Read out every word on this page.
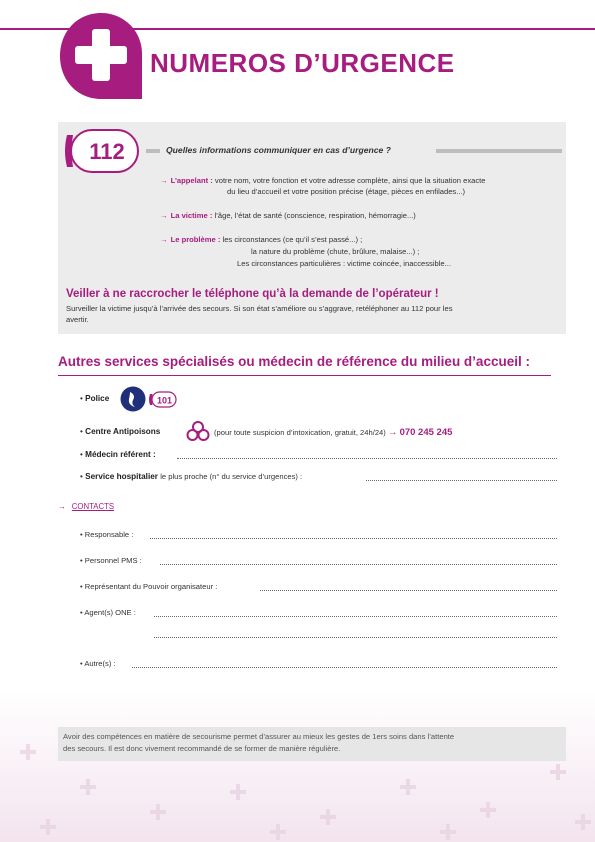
NUMEROS D’URGENCE
112	Quelles informations communiquer en cas d’urgence ?
→ L’appelant : votre nom, votre fonction et votre adresse complète, ainsi que la situation exacte
du lieu d’accueil et votre position précise (étage, pièces en enfilades...)
→ La victime : l’âge, l’état de santé (conscience, respiration, hémorragie...)
→ Le problème : les circonstances (ce qu’il s’est passé...) ;
la nature du problème (chute, brûlure, malaise...) ;
Les circonstances particulières : victime coincée, inaccessible...
Veiller à ne raccrocher le téléphone qu’à la demande de l’opérateur !
Surveiller la victime jusqu’à l’arrivée des secours. Si son état s’améliore ou s’aggrave, retéléphoner au 112 pour les
avertir.
Autres services spécialisés ou médecin de référence du milieu d’accueil :
• Police	101
• Centre Antipoisons	(pour toute suspicion d’intoxication, gratuit, 24h/24) → 070 245 245
• Médecin référent :
• Service hospitalier le plus proche (n° du service d’urgences) :
→ CONTACTS
• Responsable :
• Personnel PMS :
• Représentant du Pouvoir organisateur :
• Agent(s) ONE :
• Autre(s) :
Avoir des compétences en matière de secourisme permet d’assurer au mieux les gestes de 1ers soins dans l’attente
des secours. Il est donc vivement recommandé de se former de manière régulière.
